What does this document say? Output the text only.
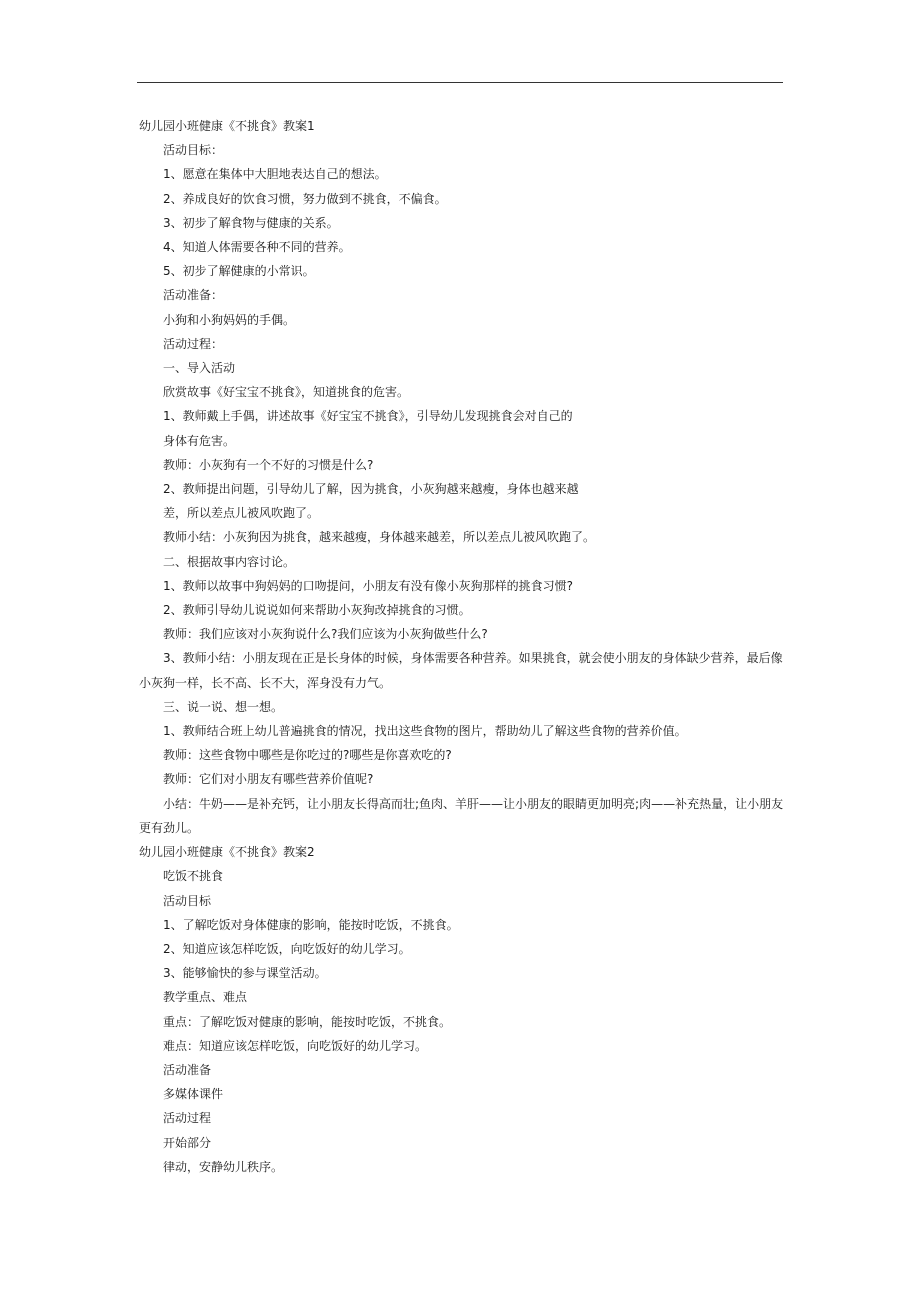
幼儿园小班健康《不挑食》教案1

活动目标：

1、愿意在集体中大胆地表达自己的想法。

2、养成良好的饮食习惯，努力做到不挑食，不偏食。

3、初步了解食物与健康的关系。

4、知道人体需要各种不同的营养。

5、初步了解健康的小常识。

活动准备：

小狗和小狗妈妈的手偶。

活动过程：

一、导入活动

欣赏故事《好宝宝不挑食》，知道挑食的危害。

1、教师戴上手偶，讲述故事《好宝宝不挑食》，引导幼儿发现挑食会对自己的

身体有危害。

教师：小灰狗有一个不好的习惯是什么?

2、教师提出问题，引导幼儿了解，因为挑食，小灰狗越来越瘦，身体也越来越

差，所以差点儿被风吹跑了。

教师小结：小灰狗因为挑食，越来越瘦，身体越来越差，所以差点儿被风吹跑了。

二、根据故事内容讨论。

1、教师以故事中狗妈妈的口吻提问，小朋友有没有像小灰狗那样的挑食习惯?

2、教师引导幼儿说说如何来帮助小灰狗改掉挑食的习惯。

教师：我们应该对小灰狗说什么?我们应该为小灰狗做些什么?

3、教师小结：小朋友现在正是长身体的时候，身体需要各种营养。如果挑食，就会使小朋友的身体缺少营养，最后像小灰狗一样，长不高、长不大，浑身没有力气。

三、说一说、想一想。

1、教师结合班上幼儿普遍挑食的情况，找出这些食物的图片，帮助幼儿了解这些食物的营养价值。

教师：这些食物中哪些是你吃过的?哪些是你喜欢吃的?

教师：它们对小朋友有哪些营养价值呢?

小结：牛奶——是补充钙，让小朋友长得高而壮;鱼肉、羊肝——让小朋友的眼睛更加明亮;肉——补充热量，让小朋友更有劲儿。

幼儿园小班健康《不挑食》教案2

吃饭不挑食

活动目标

1、了解吃饭对身体健康的影响，能按时吃饭，不挑食。

2、知道应该怎样吃饭，向吃饭好的幼儿学习。

3、能够愉快的参与课堂活动。

教学重点、难点

重点：了解吃饭对健康的影响，能按时吃饭，不挑食。

难点：知道应该怎样吃饭，向吃饭好的幼儿学习。

活动准备

多媒体课件

活动过程

开始部分

律动，安静幼儿秩序。
